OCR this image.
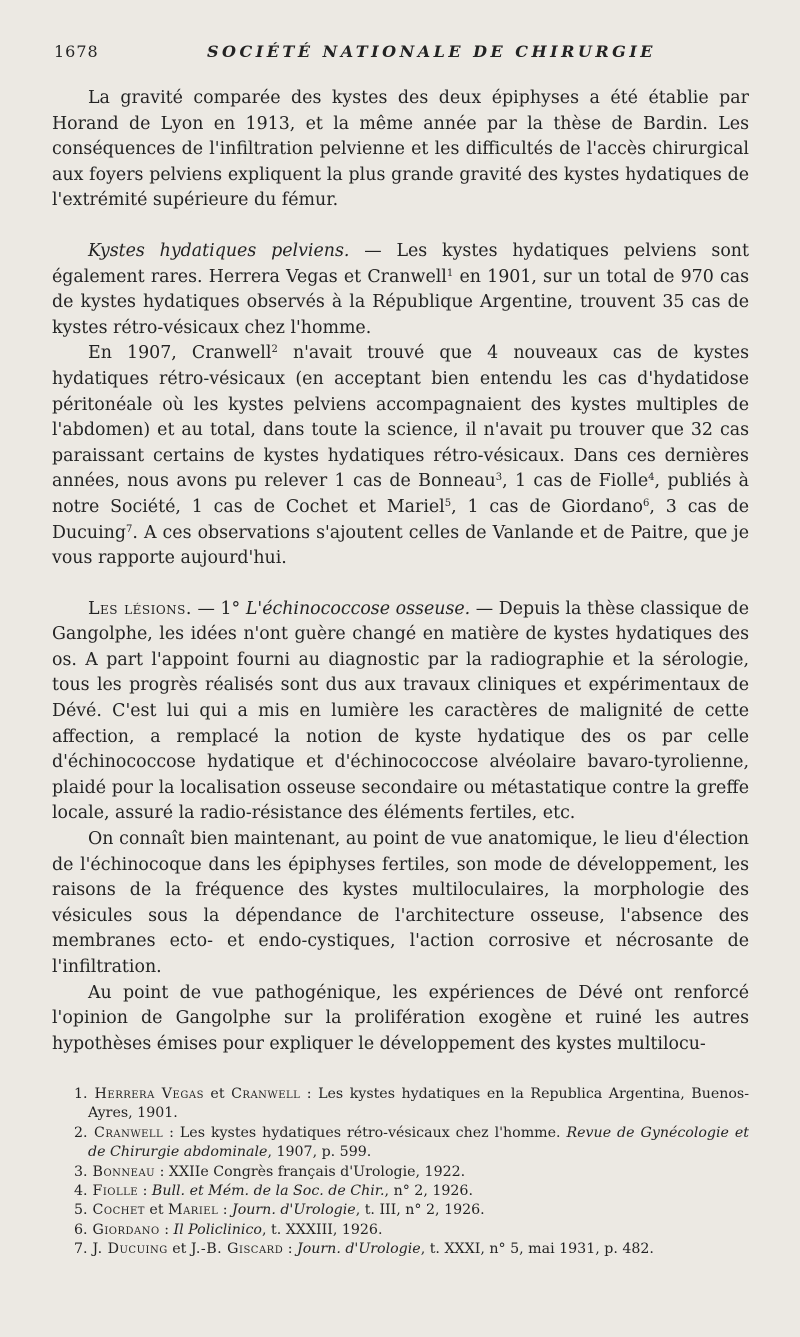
1678	SOCIÉTÉ NATIONALE DE CHIRURGIE

La gravité comparée des kystes des deux épiphyses a été établie par Horand de Lyon en 1913, et la même année par la thèse de Bardin. Les conséquences de l'infiltration pelvienne et les difficultés de l'accès chirurgical aux foyers pelviens expliquent la plus grande gravité des kystes hydatiques de l'extrémité supérieure du fémur.

Kystes hydatiques pelviens. — Les kystes hydatiques pelviens sont également rares. Herrera Vegas et Cranwell$^1$ en 1901, sur un total de 970 cas de kystes hydatiques observés à la République Argentine, trouvent 35 cas de kystes rétro-vésicaux chez l'homme.

En 1907, Cranwell$^2$ n'avait trouvé que 4 nouveaux cas de kystes hydatiques rétro-vésicaux (en acceptant bien entendu les cas d'hydatidose péritonéale où les kystes pelviens accompagnaient des kystes multiples de l'abdomen) et au total, dans toute la science, il n'avait pu trouver que 32 cas paraissant certains de kystes hydatiques rétro-vésicaux. Dans ces dernières années, nous avons pu relever 1 cas de Bonneau$^3$, 1 cas de Fiolle$^4$, publiés à notre Société, 1 cas de Cochet et Mariel$^5$, 1 cas de Giordano$^6$, 3 cas de Ducuing$^7$. A ces observations s'ajoutent celles de Vanlande et de Paitre, que je vous rapporte aujourd'hui.

Les lésions. — 1° L'échinococcose osseuse. — Depuis la thèse classique de Gangolphe, les idées n'ont guère changé en matière de kystes hydatiques des os. A part l'appoint fourni au diagnostic par la radiographie et la sérologie, tous les progrès réalisés sont dus aux travaux cliniques et expérimentaux de Dévé. C'est lui qui a mis en lumière les caractères de malignité de cette affection, a remplacé la notion de kyste hydatique des os par celle d'échinococcose hydatique et d'échinococcose alvéolaire bavaro-tyrolienne, plaidé pour la localisation osseuse secondaire ou métastatique contre la greffe locale, assuré la radio-résistance des éléments fertiles, etc.

On connaît bien maintenant, au point de vue anatomique, le lieu d'élection de l'échinocoque dans les épiphyses fertiles, son mode de développement, les raisons de la fréquence des kystes multiloculaires, la morphologie des vésicules sous la dépendance de l'architecture osseuse, l'absence des membranes ecto- et endo-cystiques, l'action corrosive et nécrosante de l'infiltration.

Au point de vue pathogénique, les expériences de Dévé ont renforcé l'opinion de Gangolphe sur la prolifération exogène et ruiné les autres hypothèses émises pour expliquer le développement des kystes multilocu-

1. Herrera Vegas et Cranwell : Les kystes hydatiques en la Republica Argentina, Buenos-Ayres, 1901.

2. Cranwell : Les kystes hydatiques rétro-vésicaux chez l'homme. Revue de Gynécologie et de Chirurgie abdominale, 1907, p. 599.

3. Bonneau : XXIIe Congrès français d'Urologie, 1922.

4. Fiolle : Bull. et Mém. de la Soc. de Chir., n° 2, 1926.

5. Cochet et Mariel : Journ. d'Urologie, t. III, n° 2, 1926.

6. Giordano : Il Policlinico, t. XXXIII, 1926.

7. J. Ducuing et J.-B. Giscard : Journ. d'Urologie, t. XXXI, n° 5, mai 1931, p. 482.
